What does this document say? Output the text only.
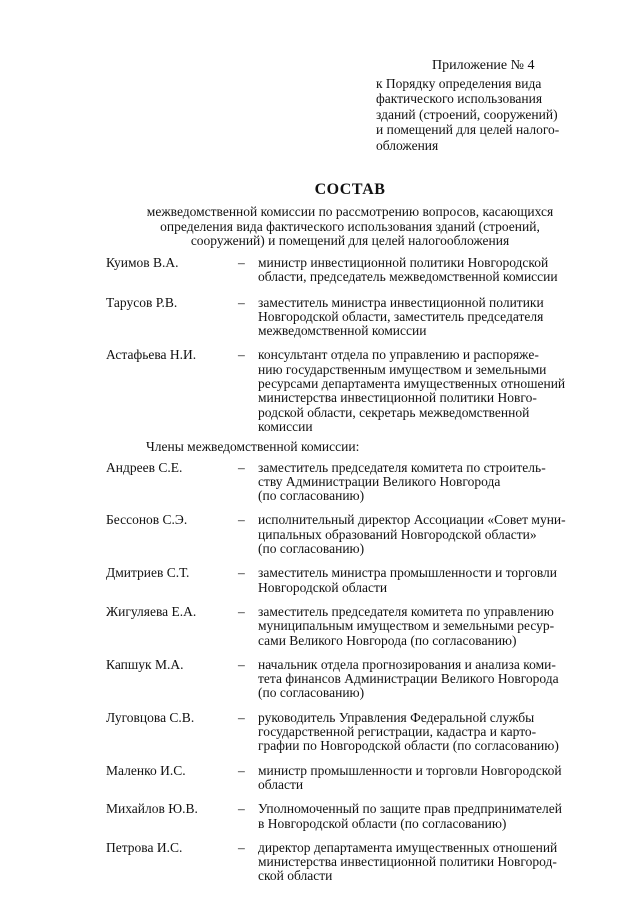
Приложение № 4
к Порядку определения вида
фактического использования
зданий (строений, сооружений)
и помещений для целей налого-
обложения
СОСТАВ
межведомственной комиссии по рассмотрению вопросов, касающихся
определения вида фактического использования зданий (строений,
сооружений) и помещений для целей налогообложения
Куимов В.А.	– министр инвестиционной политики Новгородской
области, председатель межведомственной комиссии
Тарусов Р.В.	– заместитель министра инвестиционной политики
Новгородской области, заместитель председателя
межведомственной комиссии
Астафьева Н.И.	– консультант отдела по управлению и распоряже-
нию государственным имуществом и земельными
ресурсами департамента имущественных отношений
министерства инвестиционной политики Новго-
родской области, секретарь межведомственной
комиссии
Члены межведомственной комиссии:
Андреев С.Е.	– заместитель председателя комитета по строитель-
ству Администрации Великого Новгорода
(по согласованию)
Бессонов С.Э.	– исполнительный директор Ассоциации «Совет муни-
ципальных образований Новгородской области»
(по согласованию)
Дмитриев С.Т.	– заместитель министра промышленности и торговли
Новгородской области
Жигуляева Е.А.	– заместитель председателя комитета по управлению
муниципальным имуществом и земельными ресур-
сами Великого Новгорода (по согласованию)
Капшук М.А.	– начальник отдела прогнозирования и анализа коми-
тета финансов Администрации Великого Новгорода
(по согласованию)
Луговцова С.В.	– руководитель Управления Федеральной службы
государственной регистрации, кадастра и карто-
графии по Новгородской области (по согласованию)
Маленко И.С.	– министр промышленности и торговли Новгородской
области
Михайлов Ю.В.	– Уполномоченный по защите прав предпринимателей
в Новгородской области (по согласованию)
Петрова И.С.	– директор департамента имущественных отношений
министерства инвестиционной политики Новгород-
ской области
